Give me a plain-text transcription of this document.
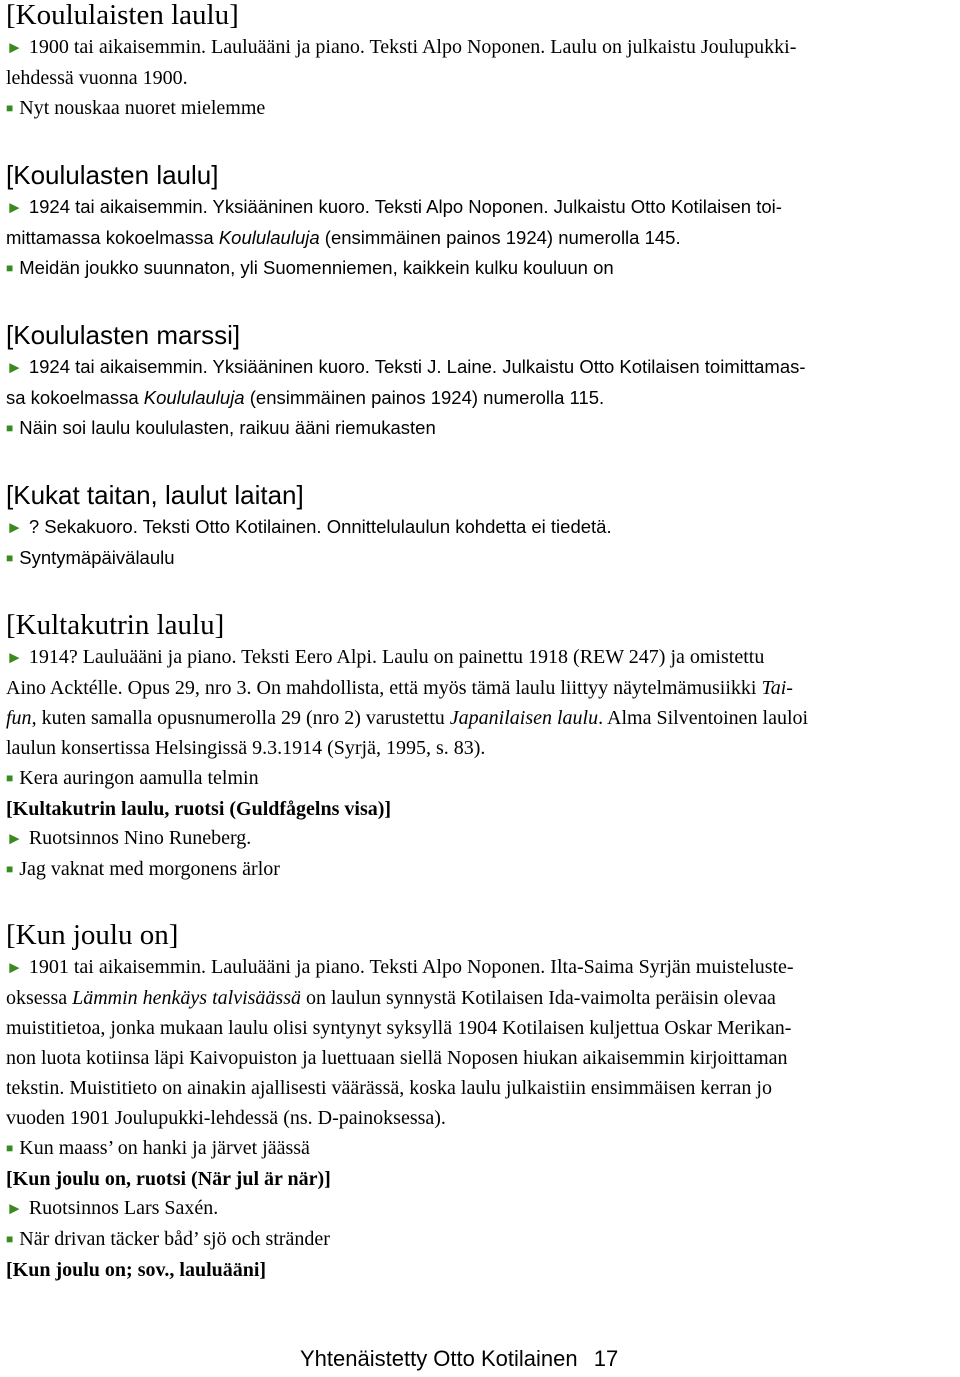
[Koululaisten laulu]

► 1900 tai aikaisemmin. Lauluääni ja piano. Teksti Alpo Noponen. Laulu on julkaistu Joulupukki-

lehdessä vuonna 1900.

■ Nyt nouskaa nuoret mielemme

[Koululasten laulu]

► 1924 tai aikaisemmin. Yksiääninen kuoro. Teksti Alpo Noponen. Julkaistu Otto Kotilaisen toi-

mittamassa kokoelmassa Koululauluja (ensimmäinen painos 1924) numerolla 145.

■ Meidän joukko suunnaton, yli Suomenniemen, kaikkein kulku kouluun on

[Koululasten marssi]

► 1924 tai aikaisemmin. Yksiääninen kuoro. Teksti J. Laine. Julkaistu Otto Kotilaisen toimittamas-

sa kokoelmassa Koululauluja (ensimmäinen painos 1924) numerolla 115.

■ Näin soi laulu koululasten, raikuu ääni riemukasten

[Kukat taitan, laulut laitan]

► ? Sekakuoro. Teksti Otto Kotilainen. Onnittelulaulun kohdetta ei tiedetä.

■ Syntymäpäivälaulu

[Kultakutrin laulu]

► 1914? Lauluääni ja piano. Teksti Eero Alpi. Laulu on painettu 1918 (REW 247) ja omistettu

Aino Acktélle. Opus 29, nro 3. On mahdollista, että myös tämä laulu liittyy näytelmämusiikki Tai-

fun, kuten samalla opusnumerolla 29 (nro 2) varustettu Japanilaisen laulu. Alma Silventoinen lauloi

laulun konsertissa Helsingissä 9.3.1914 (Syrjä, 1995, s. 83).

■ Kera auringon aamulla telmin

[Kultakutrin laulu, ruotsi (Guldfågelns visa)]

► Ruotsinnos Nino Runeberg.

■ Jag vaknat med morgonens ärlor

[Kun joulu on]

► 1901 tai aikaisemmin. Lauluääni ja piano. Teksti Alpo Noponen. Ilta-Saima Syrjän muisteluste-

oksessa Lämmin henkäys talvisäässä on laulun synnystä Kotilaisen Ida-vaimolta peräisin olevaa

muistitietoa, jonka mukaan laulu olisi syntynyt syksyllä 1904 Kotilaisen kuljettua Oskar Merikan-

non luota kotiinsa läpi Kaivopuiston ja luettuaan siellä Noposen hiukan aikaisemmin kirjoittaman

tekstin. Muistitieto on ainakin ajallisesti väärässä, koska laulu julkaistiin ensimmäisen kerran jo

vuoden 1901 Joulupukki-lehdessä (ns. D-painoksessa).

■ Kun maass’ on hanki ja järvet jäässä

[Kun joulu on, ruotsi (När jul är när)]

► Ruotsinnos Lars Saxén.

■ När drivan täcker båd’ sjö och stränder

[Kun joulu on; sov., lauluääni]

Yhtenäistetty Otto Kotilainen 17
